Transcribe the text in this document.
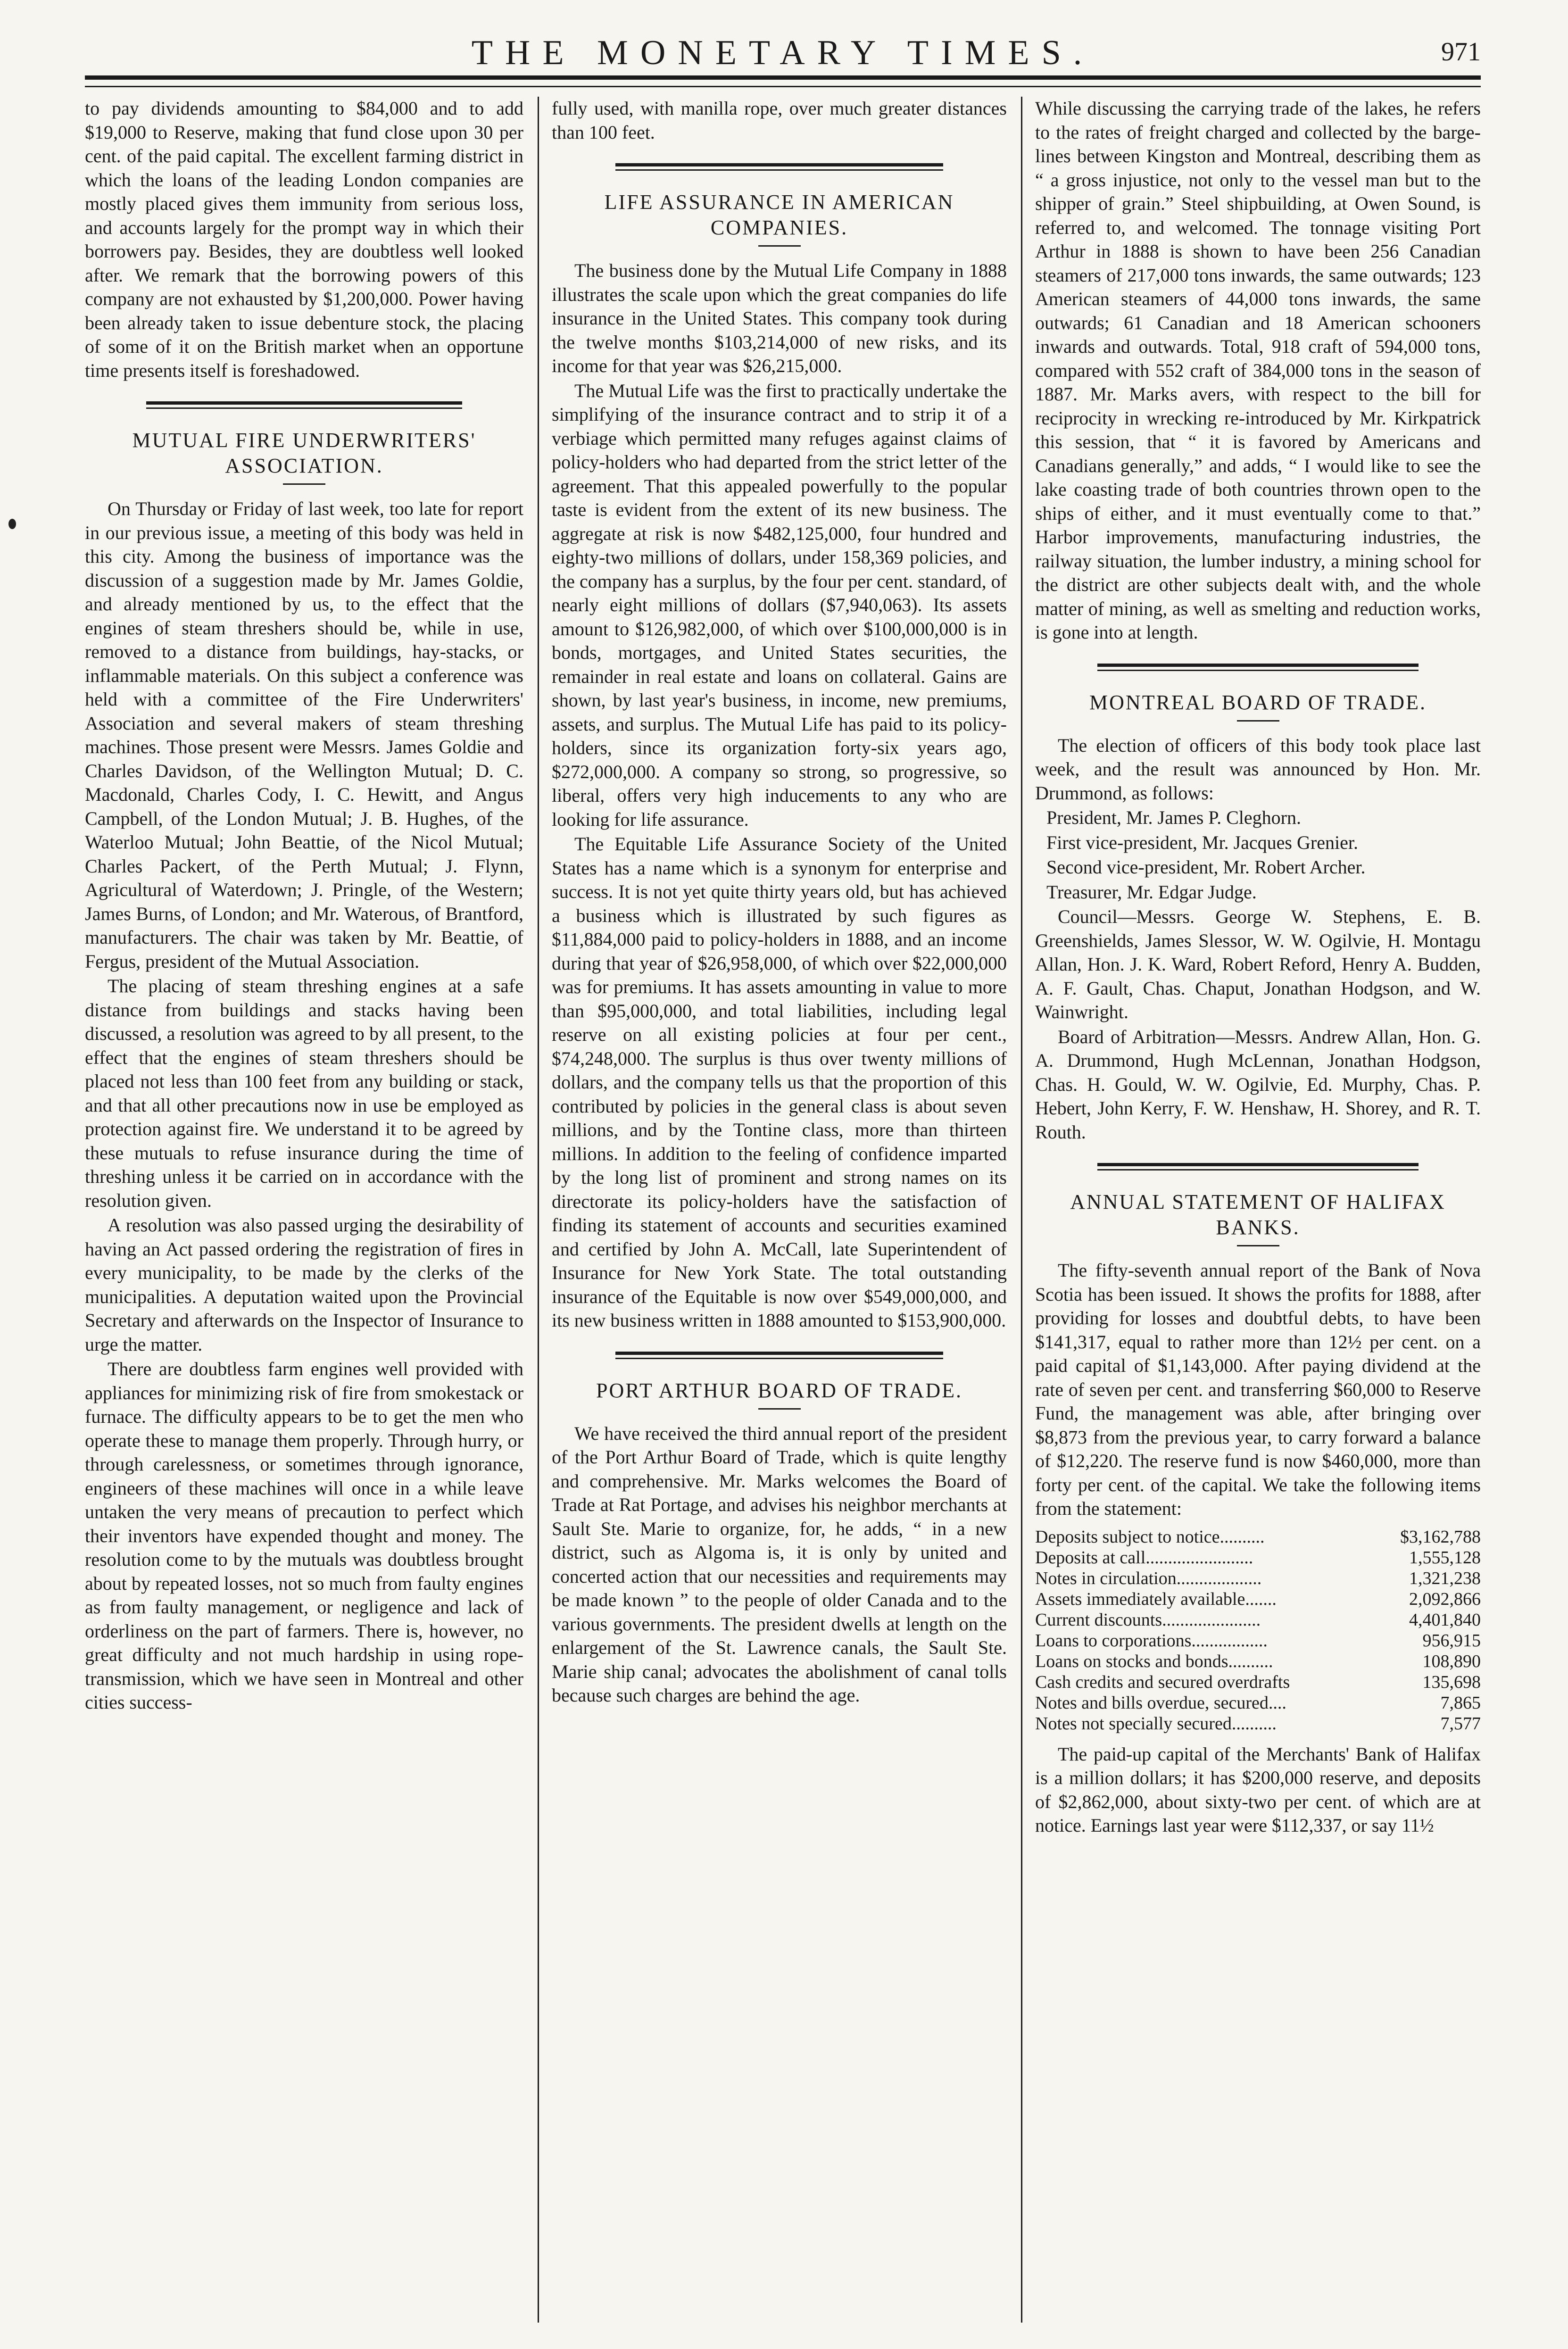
THE MONETARY TIMES.	971

to pay dividends amounting to $84,000 and to add $19,000 to Reserve, making that fund close upon 30 per cent. of the paid capital. The excellent farming district in which the loans of the leading London companies are mostly placed gives them immunity from serious loss, and accounts largely for the prompt way in which their borrowers pay. Besides, they are doubtless well looked after. We remark that the borrowing powers of this company are not exhausted by $1,200,000. Power having been already taken to issue debenture stock, the placing of some of it on the British market when an opportune time presents itself is foreshadowed.

MUTUAL FIRE UNDERWRITERS' ASSOCIATION.

On Thursday or Friday of last week, too late for report in our previous issue, a meeting of this body was held in this city. Among the business of importance was the discussion of a suggestion made by Mr. James Goldie, and already mentioned by us, to the effect that the engines of steam threshers should be, while in use, removed to a distance from buildings, hay-stacks, or inflammable materials. On this subject a conference was held with a committee of the Fire Underwriters' Association and several makers of steam threshing machines. Those present were Messrs. James Goldie and Charles Davidson, of the Wellington Mutual; D. C. Macdonald, Charles Cody, I. C. Hewitt, and Angus Campbell, of the London Mutual; J. B. Hughes, of the Waterloo Mutual; John Beattie, of the Nicol Mutual; Charles Packert, of the Perth Mutual; J. Flynn, Agricultural of Waterdown; J. Pringle, of the Western; James Burns, of London; and Mr. Waterous, of Brantford, manufacturers. The chair was taken by Mr. Beattie, of Fergus, president of the Mutual Association.

The placing of steam threshing engines at a safe distance from buildings and stacks having been discussed, a resolution was agreed to by all present, to the effect that the engines of steam threshers should be placed not less than 100 feet from any building or stack, and that all other precautions now in use be employed as protection against fire. We understand it to be agreed by these mutuals to refuse insurance during the time of threshing unless it be carried on in accordance with the resolution given.

A resolution was also passed urging the desirability of having an Act passed ordering the registration of fires in every municipality, to be made by the clerks of the municipalities. A deputation waited upon the Provincial Secretary and afterwards on the Inspector of Insurance to urge the matter.

There are doubtless farm engines well provided with appliances for minimizing risk of fire from smokestack or furnace. The difficulty appears to be to get the men who operate these to manage them properly. Through hurry, or through carelessness, or sometimes through ignorance, engineers of these machines will once in a while leave untaken the very means of precaution to perfect which their inventors have expended thought and money. The resolution come to by the mutuals was doubtless brought about by repeated losses, not so much from faulty engines as from faulty management, or negligence and lack of orderliness on the part of farmers. There is, however, no great difficulty and not much hardship in using rope-transmission, which we have seen in Montreal and other cities success-

fully used, with manilla rope, over much greater distances than 100 feet.

LIFE ASSURANCE IN AMERICAN COMPANIES.

The business done by the Mutual Life Company in 1888 illustrates the scale upon which the great companies do life insurance in the United States. This company took during the twelve months $103,214,000 of new risks, and its income for that year was $26,215,000.

The Mutual Life was the first to practically undertake the simplifying of the insurance contract and to strip it of a verbiage which permitted many refuges against claims of policy-holders who had departed from the strict letter of the agreement. That this appealed powerfully to the popular taste is evident from the extent of its new business. The aggregate at risk is now $482,125,000, four hundred and eighty-two millions of dollars, under 158,369 policies, and the company has a surplus, by the four per cent. standard, of nearly eight millions of dollars ($7,940,063). Its assets amount to $126,982,000, of which over $100,000,000 is in bonds, mortgages, and United States securities, the remainder in real estate and loans on collateral. Gains are shown, by last year's business, in income, new premiums, assets, and surplus. The Mutual Life has paid to its policy-holders, since its organization forty-six years ago, $272,000,000. A company so strong, so progressive, so liberal, offers very high inducements to any who are looking for life assurance.

The Equitable Life Assurance Society of the United States has a name which is a synonym for enterprise and success. It is not yet quite thirty years old, but has achieved a business which is illustrated by such figures as $11,884,000 paid to policy-holders in 1888, and an income during that year of $26,958,000, of which over $22,000,000 was for premiums. It has assets amounting in value to more than $95,000,000, and total liabilities, including legal reserve on all existing policies at four per cent., $74,248,000. The surplus is thus over twenty millions of dollars, and the company tells us that the proportion of this contributed by policies in the general class is about seven millions, and by the Tontine class, more than thirteen millions. In addition to the feeling of confidence imparted by the long list of prominent and strong names on its directorate its policy-holders have the satisfaction of finding its statement of accounts and securities examined and certified by John A. McCall, late Superintendent of Insurance for New York State. The total outstanding insurance of the Equitable is now over $549,000,000, and its new business written in 1888 amounted to $153,900,000.

PORT ARTHUR BOARD OF TRADE.

We have received the third annual report of the president of the Port Arthur Board of Trade, which is quite lengthy and comprehensive. Mr. Marks welcomes the Board of Trade at Rat Portage, and advises his neighbor merchants at Sault Ste. Marie to organize, for, he adds, “ in a new district, such as Algoma is, it is only by united and concerted action that our necessities and requirements may be made known ” to the people of older Canada and to the various governments. The president dwells at length on the enlargement of the St. Lawrence canals, the Sault Ste. Marie ship canal; advocates the abolishment of canal tolls because such charges are behind the age.

While discussing the carrying trade of the lakes, he refers to the rates of freight charged and collected by the barge-lines between Kingston and Montreal, describing them as “ a gross injustice, not only to the vessel man but to the shipper of grain.” Steel shipbuilding, at Owen Sound, is referred to, and welcomed. The tonnage visiting Port Arthur in 1888 is shown to have been 256 Canadian steamers of 217,000 tons inwards, the same outwards; 123 American steamers of 44,000 tons inwards, the same outwards; 61 Canadian and 18 American schooners inwards and outwards. Total, 918 craft of 594,000 tons, compared with 552 craft of 384,000 tons in the season of 1887. Mr. Marks avers, with respect to the bill for reciprocity in wrecking re-introduced by Mr. Kirkpatrick this session, that “ it is favored by Americans and Canadians generally,” and adds, “ I would like to see the lake coasting trade of both countries thrown open to the ships of either, and it must eventually come to that.” Harbor improvements, manufacturing industries, the railway situation, the lumber industry, a mining school for the district are other subjects dealt with, and the whole matter of mining, as well as smelting and reduction works, is gone into at length.

MONTREAL BOARD OF TRADE.

The election of officers of this body took place last week, and the result was announced by Hon. Mr. Drummond, as follows:

President, Mr. James P. Cleghorn.

First vice-president, Mr. Jacques Grenier.

Second vice-president, Mr. Robert Archer.

Treasurer, Mr. Edgar Judge.

Council—Messrs. George W. Stephens, E. B. Greenshields, James Slessor, W. W. Ogilvie, H. Montagu Allan, Hon. J. K. Ward, Robert Reford, Henry A. Budden, A. F. Gault, Chas. Chaput, Jonathan Hodgson, and W. Wainwright.

Board of Arbitration—Messrs. Andrew Allan, Hon. G. A. Drummond, Hugh McLennan, Jonathan Hodgson, Chas. H. Gould, W. W. Ogilvie, Ed. Murphy, Chas. P. Hebert, John Kerry, F. W. Henshaw, H. Shorey, and R. T. Routh.

ANNUAL STATEMENT OF HALIFAX BANKS.

The fifty-seventh annual report of the Bank of Nova Scotia has been issued. It shows the profits for 1888, after providing for losses and doubtful debts, to have been $141,317, equal to rather more than 12½ per cent. on a paid capital of $1,143,000. After paying dividend at the rate of seven per cent. and transferring $60,000 to Reserve Fund, the management was able, after bringing over $8,873 from the previous year, to carry forward a balance of $12,220. The reserve fund is now $460,000, more than forty per cent. of the capital. We take the following items from the statement:

Deposits subject to notice..........	$3,162,788
Deposits at call........................	1,555,128
Notes in circulation...................	1,321,238
Assets immediately available.......	2,092,866
Current discounts......................	4,401,840
Loans to corporations.................	956,915
Loans on stocks and bonds..........	108,890
Cash credits and secured overdrafts	135,698
Notes and bills overdue, secured....	7,865
Notes not specially secured..........	7,577

The paid-up capital of the Merchants' Bank of Halifax is a million dollars; it has $200,000 reserve, and deposits of $2,862,000, about sixty-two per cent. of which are at notice. Earnings last year were $112,337, or say 11½
